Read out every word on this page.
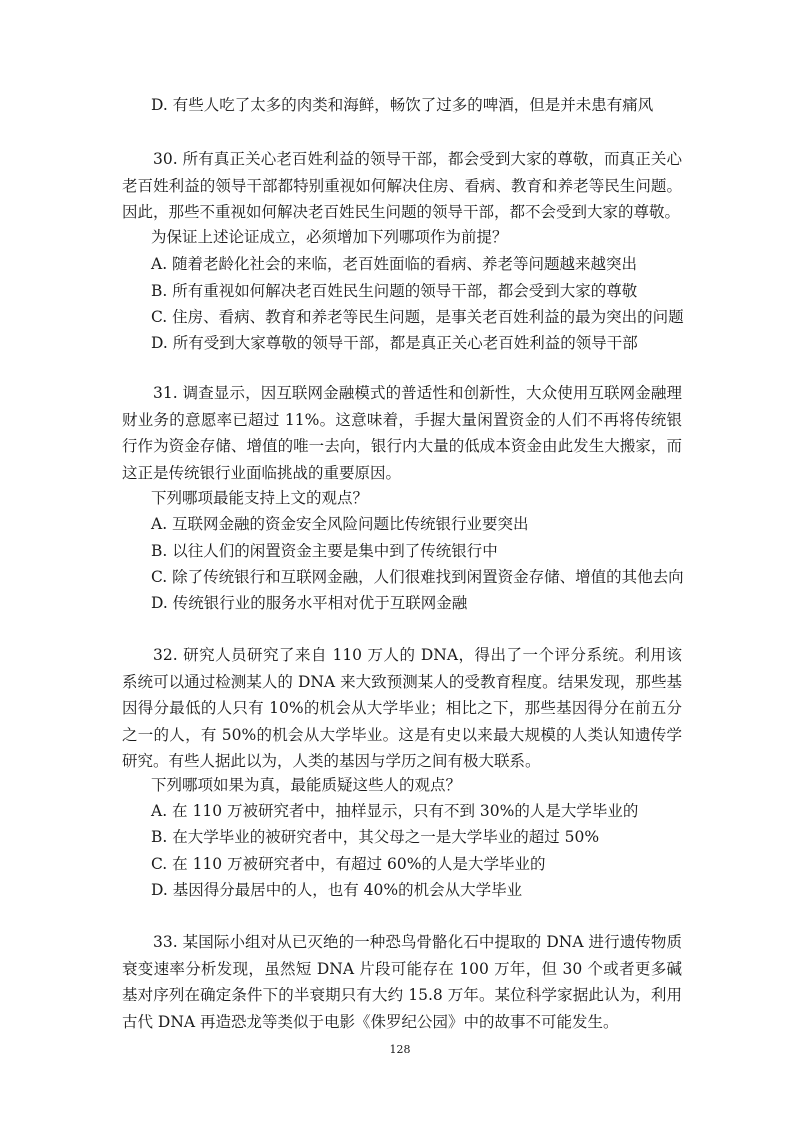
D. 有些人吃了太多的肉类和海鲜，畅饮了过多的啤酒，但是并未患有痛风

30. 所有真正关心老百姓利益的领导干部，都会受到大家的尊敬，而真正关心老百姓利益的领导干部都特别重视如何解决住房、看病、教育和养老等民生问题。因此，那些不重视如何解决老百姓民生问题的领导干部，都不会受到大家的尊敬。

为保证上述论证成立，必须增加下列哪项作为前提？
A. 随着老龄化社会的来临，老百姓面临的看病、养老等问题越来越突出
B. 所有重视如何解决老百姓民生问题的领导干部，都会受到大家的尊敬
C. 住房、看病、教育和养老等民生问题，是事关老百姓利益的最为突出的问题
D. 所有受到大家尊敬的领导干部，都是真正关心老百姓利益的领导干部

31. 调查显示，因互联网金融模式的普适性和创新性，大众使用互联网金融理财业务的意愿率已超过 11%。这意味着，手握大量闲置资金的人们不再将传统银行作为资金存储、增值的唯一去向，银行内大量的低成本资金由此发生大搬家，而这正是传统银行业面临挑战的重要原因。

下列哪项最能支持上文的观点？
A. 互联网金融的资金安全风险问题比传统银行业要突出
B. 以往人们的闲置资金主要是集中到了传统银行中
C. 除了传统银行和互联网金融，人们很难找到闲置资金存储、增值的其他去向
D. 传统银行业的服务水平相对优于互联网金融

32. 研究人员研究了来自 110 万人的 DNA，得出了一个评分系统。利用该系统可以通过检测某人的 DNA 来大致预测某人的受教育程度。结果发现，那些基因得分最低的人只有 10%的机会从大学毕业；相比之下，那些基因得分在前五分之一的人，有 50%的机会从大学毕业。这是有史以来最大规模的人类认知遗传学研究。有些人据此以为，人类的基因与学历之间有极大联系。

下列哪项如果为真，最能质疑这些人的观点？
A. 在 110 万被研究者中，抽样显示，只有不到 30%的人是大学毕业的
B. 在大学毕业的被研究者中，其父母之一是大学毕业的超过 50%
C. 在 110 万被研究者中，有超过 60%的人是大学毕业的
D. 基因得分最居中的人，也有 40%的机会从大学毕业

33. 某国际小组对从已灭绝的一种恐鸟骨骼化石中提取的 DNA 进行遗传物质衰变速率分析发现，虽然短 DNA 片段可能存在 100 万年，但 30 个或者更多碱基对序列在确定条件下的半衰期只有大约 15.8 万年。某位科学家据此认为，利用古代 DNA 再造恐龙等类似于电影《侏罗纪公园》中的故事不可能发生。

128
